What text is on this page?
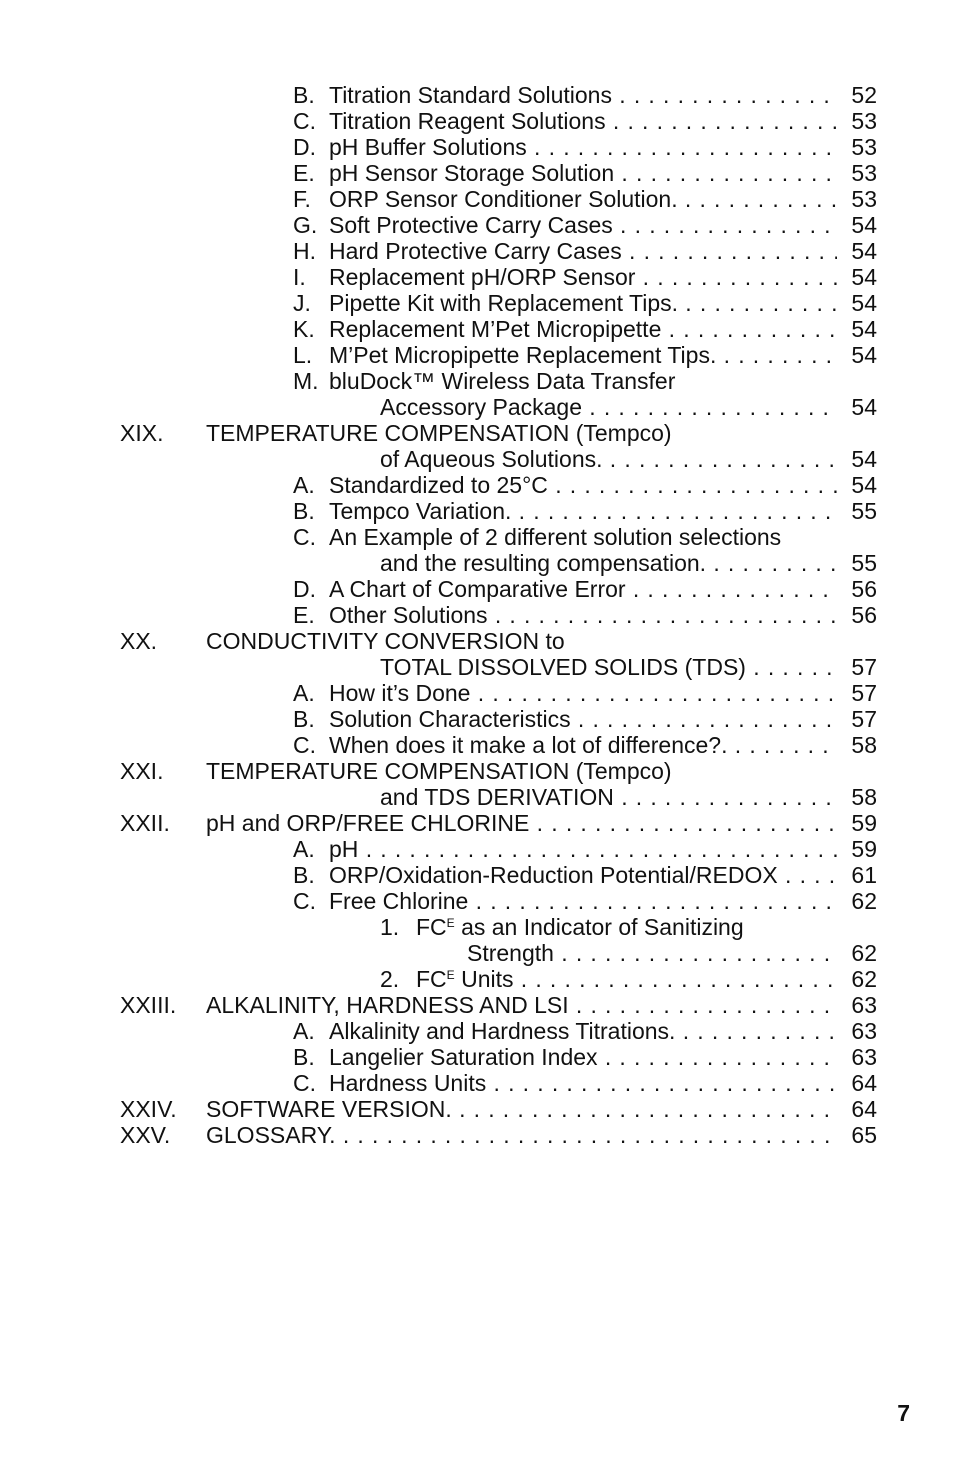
B. Titration Standard Solutions . . .	52
C. Titration Reagent Solutions . . .	53
D. pH Buffer Solutions . . .	53
E. pH Sensor Storage Solution . . .	53
F. ORP Sensor Conditioner Solution. . . .	53
G. Soft Protective Carry Cases . . .	54
H. Hard Protective Carry Cases . . .	54
I. Replacement pH/ORP Sensor . . .	54
J. Pipette Kit with Replacement Tips. . . .	54
K. Replacement M’Pet Micropipette . . .	54
L. M’Pet Micropipette Replacement Tips. . . .	54
M. bluDock™ Wireless Data Transfer
Accessory Package . . .	54
XIX. TEMPERATURE COMPENSATION (Tempco)
of Aqueous Solutions. . . .	54
A. Standardized to 25°C . . .	54
B. Tempco Variation. . . .	55
C. An Example of 2 different solution selections
and the resulting compensation. . . .	55
D. A Chart of Comparative Error . . .	56
E. Other Solutions . . .	56
XX. CONDUCTIVITY CONVERSION to
TOTAL DISSOLVED SOLIDS (TDS) . . .	57
A. How it’s Done . . .	57
B. Solution Characteristics . . .	57
C. When does it make a lot of difference?. . . .	58
XXI. TEMPERATURE COMPENSATION (Tempco)
and TDS DERIVATION . . .	58
XXII. pH and ORP/FREE CHLORINE . . .	59
A. pH . . .	59
B. ORP/Oxidation-Reduction Potential/REDOX . . .	61
C. Free Chlorine . . .	62
1. $FC^E$ as an Indicator of Sanitizing
Strength . . .	62
2. $FC^E$ Units . . .	62
XXIII. ALKALINITY, HARDNESS AND LSI . . .	63
A. Alkalinity and Hardness Titrations. . . .	63
B. Langelier Saturation Index . . .	63
C. Hardness Units . . .	64
XXIV. SOFTWARE VERSION. . . .	64
XXV. GLOSSARY. . . .	65
7
